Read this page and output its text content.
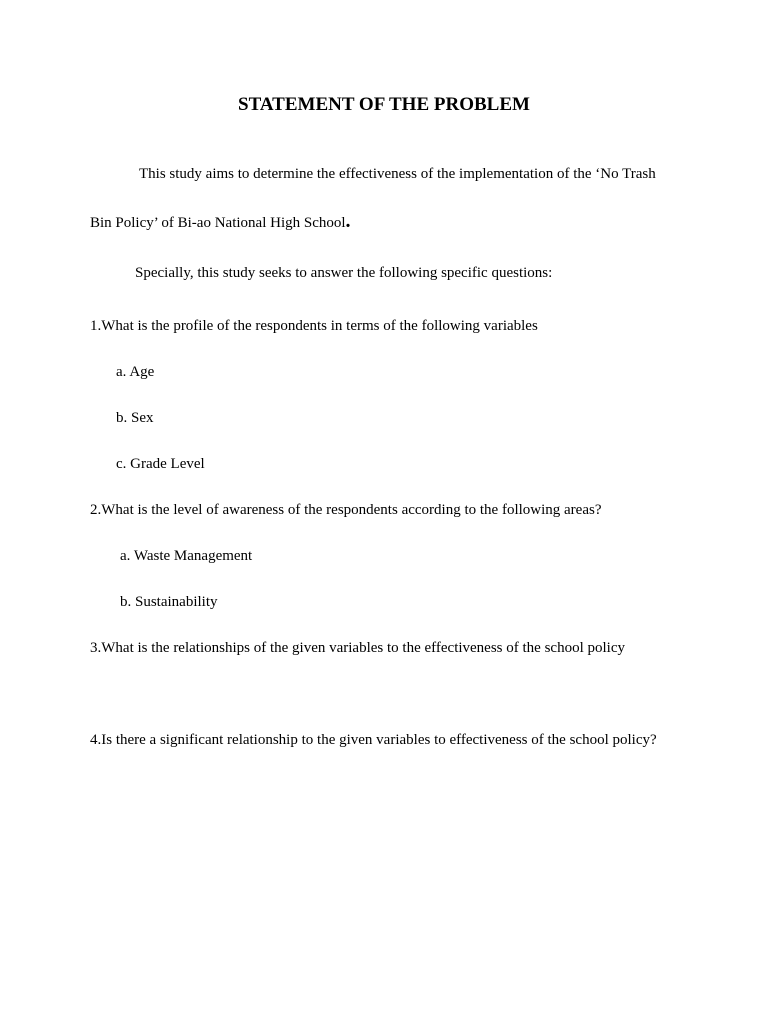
STATEMENT OF THE PROBLEM
This study aims to determine the effectiveness of the implementation of the ‘No Trash
Bin Policy’ of Bi-ao National High School.
Specially, this study seeks to answer the following specific questions:
1.What is the profile of the respondents in terms of the following variables
a. Age
b. Sex
c. Grade Level
2.What is the level of awareness of the respondents according to the following areas?
a. Waste Management
b. Sustainability
3.What is the relationships of the given variables to the effectiveness of the school policy
4.Is there a significant relationship to the given variables to effectiveness of the school policy?
